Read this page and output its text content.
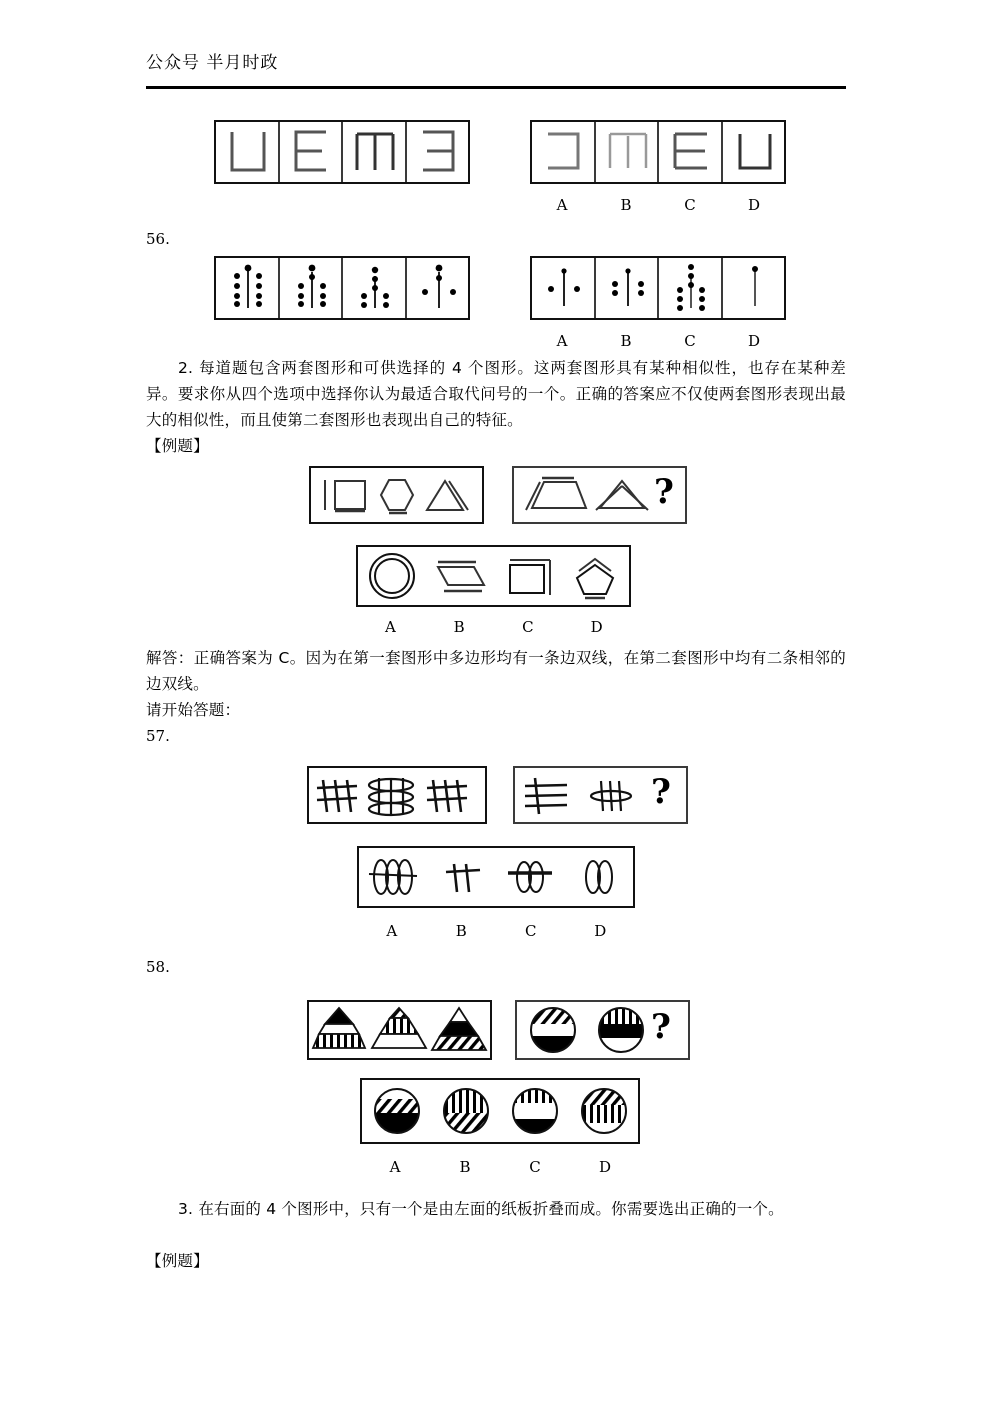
公众号 半月时政
A	B	C	D
56.
A	B	C	D
2. 每道题包含两套图形和可供选择的 4 个图形。这两套图形具有某种相似性，也存在某种差异。要求你从四个选项中选择你认为最适合取代问号的一个。正确的答案应不仅使两套图形表现出最大的相似性，而且使第二套图形也表现出自己的特征。
【例题】
?
A	B	C	D
解答：正确答案为 C。因为在第一套图形中多边形均有一条边双线，在第二套图形中均有二条相邻的边双线。
请开始答题：
57.
?
A	B	C	D
58.
?
A	B	C	D
3. 在右面的 4 个图形中，只有一个是由左面的纸板折叠而成。你需要选出正确的一个。
【例题】
